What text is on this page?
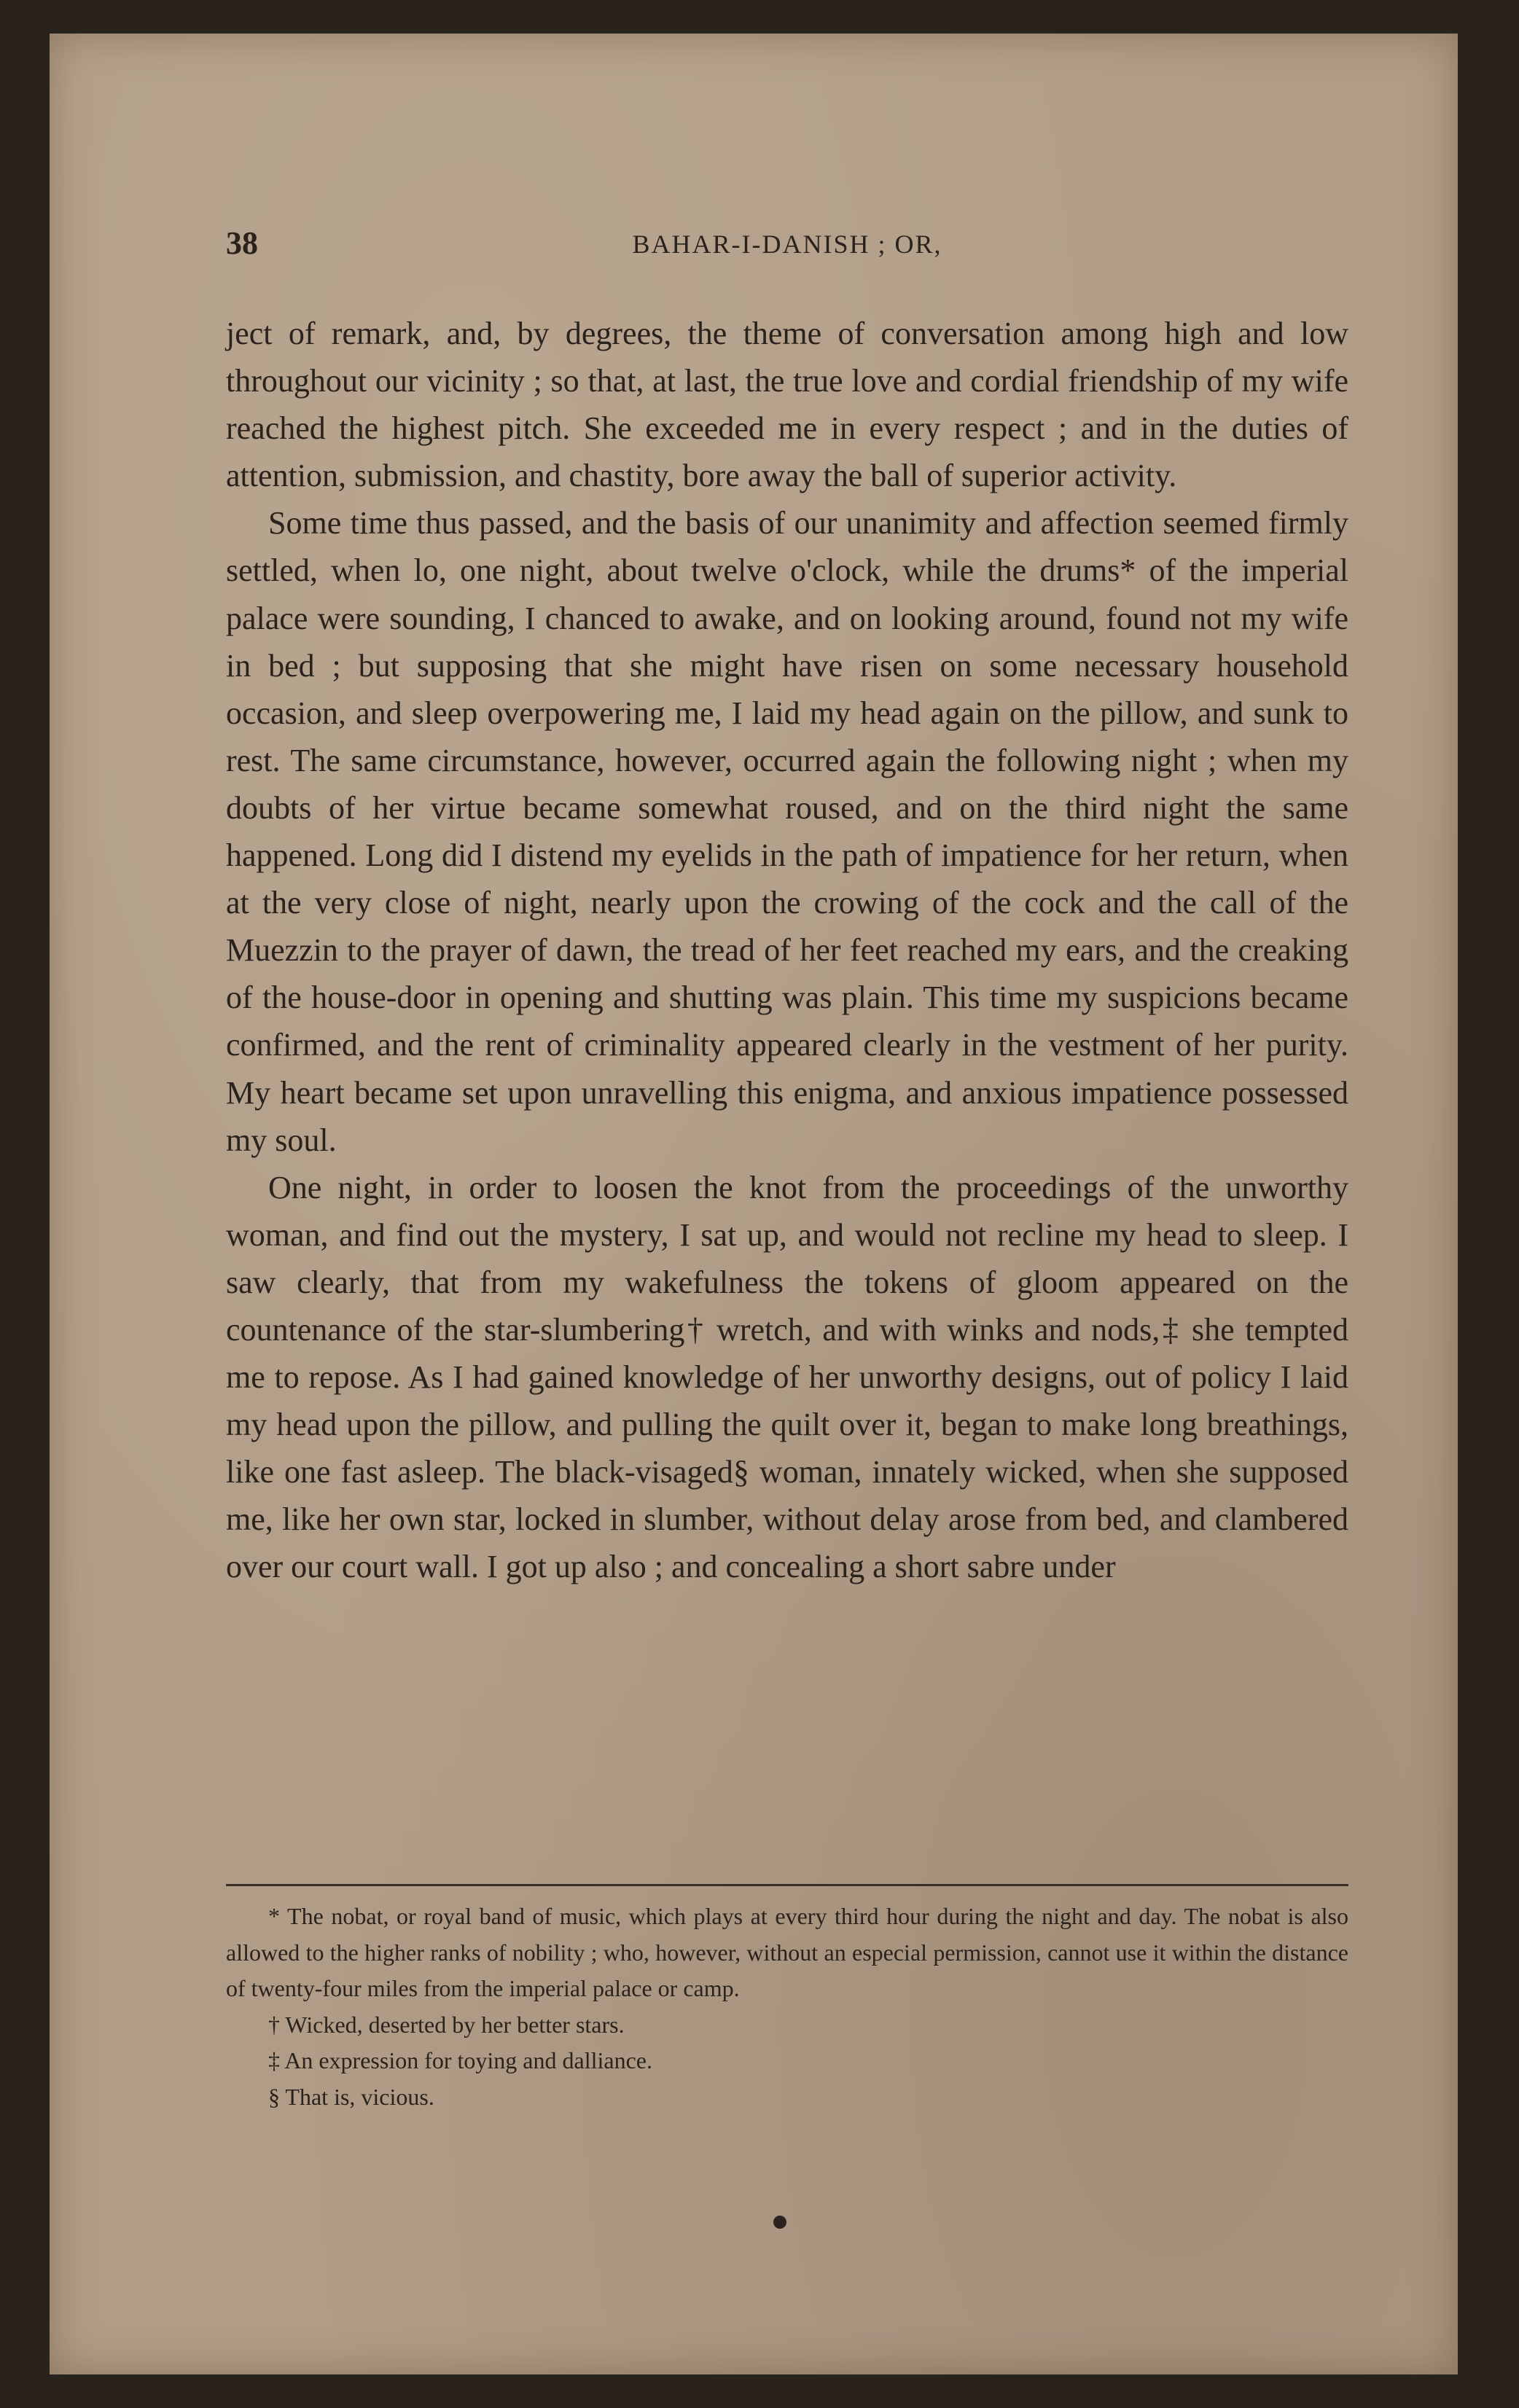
38	BAHAR-I-DANISH ; OR,

ject of remark, and, by degrees, the theme of conversation among high and low throughout our vicinity ; so that, at last, the true love and cordial friendship of my wife reached the highest pitch. She exceeded me in every respect ; and in the duties of attention, submission, and chastity, bore away the ball of superior activity.

Some time thus passed, and the basis of our unanimity and affection seemed firmly settled, when lo, one night, about twelve o'clock, while the drums* of the imperial palace were sounding, I chanced to awake, and on looking around, found not my wife in bed ; but supposing that she might have risen on some necessary household occasion, and sleep overpowering me, I laid my head again on the pillow, and sunk to rest. The same circumstance, however, occurred again the following night ; when my doubts of her virtue became somewhat roused, and on the third night the same happened. Long did I distend my eyelids in the path of impatience for her return, when at the very close of night, nearly upon the crowing of the cock and the call of the Muezzin to the prayer of dawn, the tread of her feet reached my ears, and the creaking of the house-door in opening and shutting was plain. This time my suspicions became confirmed, and the rent of criminality appeared clearly in the vestment of her purity. My heart became set upon unravelling this enigma, and anxious impatience possessed my soul.

One night, in order to loosen the knot from the proceedings of the unworthy woman, and find out the mystery, I sat up, and would not recline my head to sleep. I saw clearly, that from my wakefulness the tokens of gloom appeared on the countenance of the star-slumbering† wretch, and with winks and nods,‡ she tempted me to repose. As I had gained knowledge of her unworthy designs, out of policy I laid my head upon the pillow, and pulling the quilt over it, began to make long breathings, like one fast asleep. The black-visaged§ woman, innately wicked, when she supposed me, like her own star, locked in slumber, without delay arose from bed, and clambered over our court wall. I got up also ; and concealing a short sabre under

* The nobat, or royal band of music, which plays at every third hour during the night and day. The nobat is also allowed to the higher ranks of nobility ; who, however, without an especial permission, cannot use it within the distance of twenty-four miles from the imperial palace or camp.

† Wicked, deserted by her better stars.

‡ An expression for toying and dalliance.

§ That is, vicious.
